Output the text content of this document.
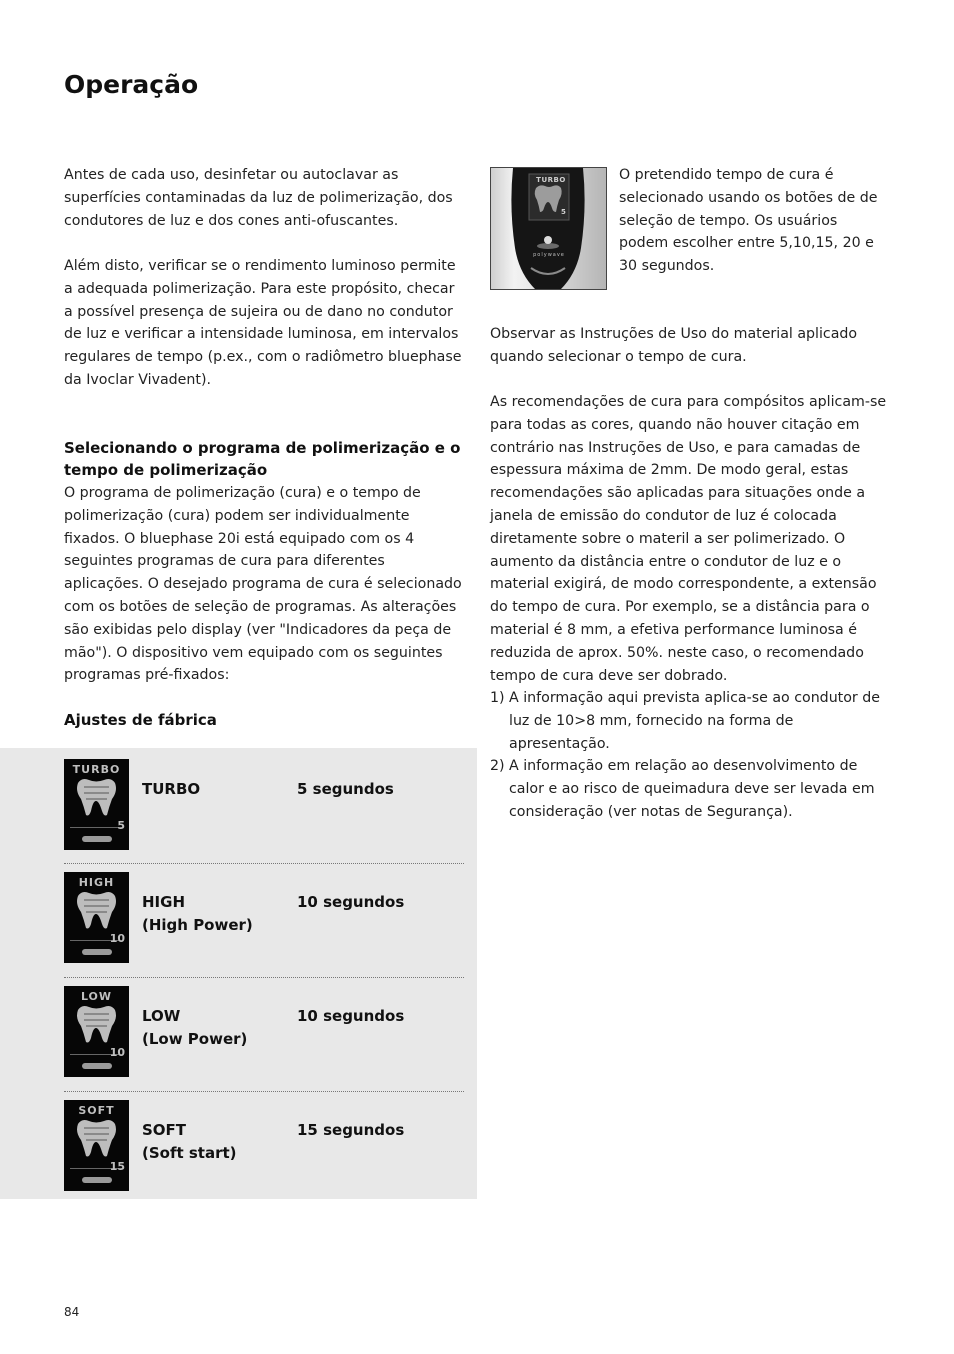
Operação

Antes de cada uso, desinfetar ou autoclavar as superfícies contaminadas da luz de polimerização, dos condutores de luz e dos cones anti-ofuscantes.

Além disto, verificar se o rendimento luminoso permite a adequada polimerização. Para este propósito, checar a possível presença de sujeira ou de dano no condutor de luz e verificar a intensidade luminosa, em intervalos regulares de tempo (p.ex., com o radiômetro bluephase da Ivoclar Vivadent).

Selecionando o programa de polimerização e o tempo de polimerização

O programa de polimerização (cura) e o tempo de polimerização (cura) podem ser individualmente fixados. O bluephase 20i está equipado com os 4 seguintes programas de cura para diferentes aplicações. O desejado programa de cura é selecionado com os botões de seleção de programas. As alterações são exibidas pelo display (ver "Indicadores da peça de mão"). O dispositivo vem equipado com os seguintes programas pré-fixados:

Ajustes de fábrica
TURBO
5
TURBO	5 segundos
HIGH
10
HIGH
(High Power)
10 segundos
LOW
10
LOW
(Low Power)
10 segundos
SOFT
15
SOFT
(Soft start)
15 segundos
TURBO
5
polywave

O pretendido tempo de cura é selecionado usando os botões de de seleção de tempo. Os usuários podem escolher entre 5,10,15, 20 e 30 segundos.

Observar as Instruções de Uso do material aplicado quando selecionar o tempo de cura.

As recomendações de cura para compósitos aplicam-se para todas as cores, quando não houver citação em contrário nas Instruções de Uso, e para camadas de espessura máxima de 2mm. De modo geral, estas recomendações são aplicadas para situações onde a janela de emissão do condutor de luz é colocada diretamente sobre o materil a ser polimerizado. O aumento da distância entre o condutor de luz e o material exigirá, de modo correspondente, a extensão do tempo de cura. Por exemplo, se a distância para o material é 8 mm, a efetiva performance luminosa é reduzida de aprox. 50%. neste caso, o recomendado tempo de cura deve ser dobrado.

1) A informação aqui prevista aplica-se ao condutor de luz de 10>8 mm, fornecido na forma de apresentação.
2) A informação em relação ao desenvolvimento de calor e ao risco de queimadura deve ser levada em consideração (ver notas de Segurança).
84
